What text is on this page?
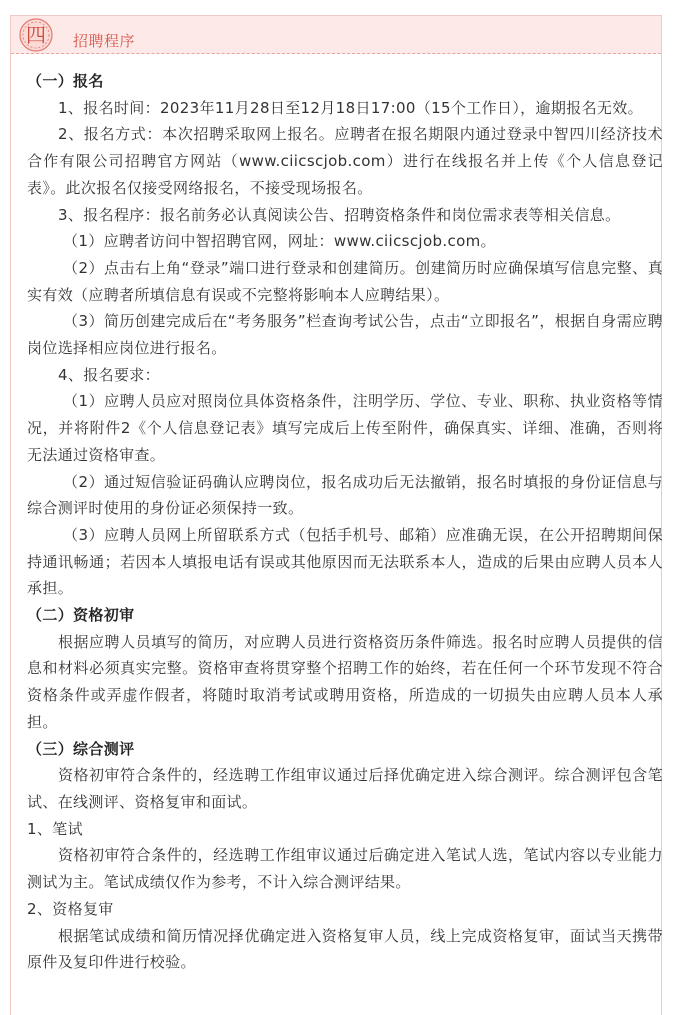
四 招聘程序

（一）报名

1、报名时间：2023年11月28日至12月18日17:00（15个工作日），逾期报名无效。

2、报名方式：本次招聘采取网上报名。应聘者在报名期限内通过登录中智四川经济技术合作有限公司招聘官方网站（www.ciicscjob.com）进行在线报名并上传《个人信息登记表》。此次报名仅接受网络报名，不接受现场报名。

3、报名程序：报名前务必认真阅读公告、招聘资格条件和岗位需求表等相关信息。

（1）应聘者访问中智招聘官网，网址：www.ciicscjob.com。

（2）点击右上角“登录”端口进行登录和创建简历。创建简历时应确保填写信息完整、真实有效（应聘者所填信息有误或不完整将影响本人应聘结果）。

（3）简历创建完成后在“考务服务”栏查询考试公告，点击“立即报名”，根据自身需应聘岗位选择相应岗位进行报名。

4、报名要求：

（1）应聘人员应对照岗位具体资格条件，注明学历、学位、专业、职称、执业资格等情况，并将附件2《个人信息登记表》填写完成后上传至附件，确保真实、详细、准确，否则将无法通过资格审查。

（2）通过短信验证码确认应聘岗位，报名成功后无法撤销，报名时填报的身份证信息与综合测评时使用的身份证必须保持一致。

（3）应聘人员网上所留联系方式（包括手机号、邮箱）应准确无误，在公开招聘期间保持通讯畅通；若因本人填报电话有误或其他原因而无法联系本人，造成的后果由应聘人员本人承担。

（二）资格初审

根据应聘人员填写的简历，对应聘人员进行资格资历条件筛选。报名时应聘人员提供的信息和材料必须真实完整。资格审查将贯穿整个招聘工作的始终，若在任何一个环节发现不符合资格条件或弄虚作假者，将随时取消考试或聘用资格，所造成的一切损失由应聘人员本人承担。

（三）综合测评

资格初审符合条件的，经选聘工作组审议通过后择优确定进入综合测评。综合测评包含笔试、在线测评、资格复审和面试。

1、笔试

资格初审符合条件的，经选聘工作组审议通过后确定进入笔试人选，笔试内容以专业能力测试为主。笔试成绩仅作为参考，不计入综合测评结果。

2、资格复审

根据笔试成绩和简历情况择优确定进入资格复审人员，线上完成资格复审，面试当天携带原件及复印件进行校验。
